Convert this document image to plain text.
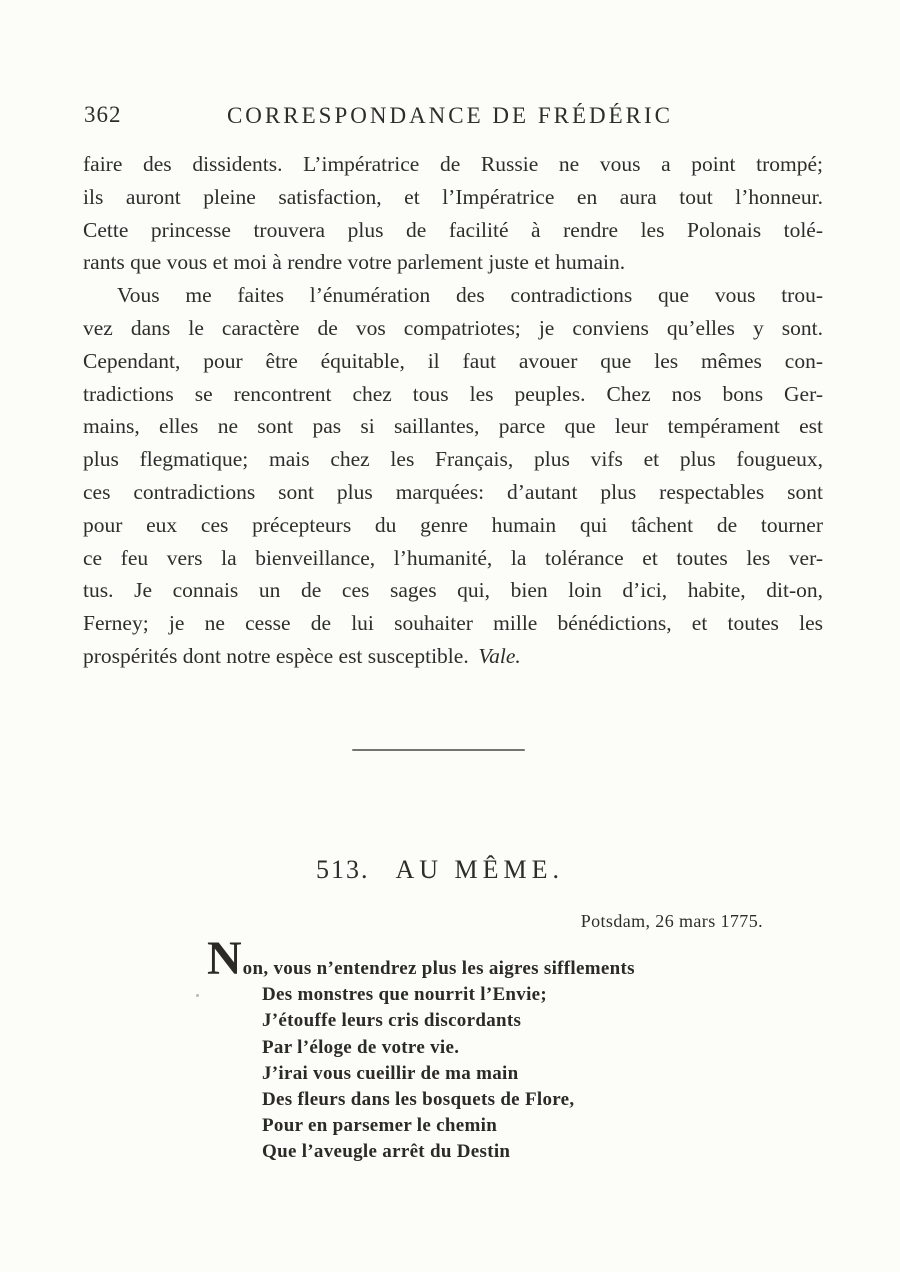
362	CORRESPONDANCE DE FRÉDÉRIC
faire des dissidents. L’impératrice de Russie ne vous a point trompé;
ils auront pleine satisfaction, et l’Impératrice en aura tout l’honneur.
Cette princesse trouvera plus de facilité à rendre les Polonais tolé-
rants que vous et moi à rendre votre parlement juste et humain.
Vous me faites l’énumération des contradictions que vous trou-
vez dans le caractère de vos compatriotes; je conviens qu’elles y sont.
Cependant, pour être équitable, il faut avouer que les mêmes con-
tradictions se rencontrent chez tous les peuples. Chez nos bons Ger-
mains, elles ne sont pas si saillantes, parce que leur tempérament est
plus flegmatique; mais chez les Français, plus vifs et plus fougueux,
ces contradictions sont plus marquées: d’autant plus respectables sont
pour eux ces précepteurs du genre humain qui tâchent de tourner
ce feu vers la bienveillance, l’humanité, la tolérance et toutes les ver-
tus. Je connais un de ces sages qui, bien loin d’ici, habite, dit-on,
Ferney; je ne cesse de lui souhaiter mille bénédictions, et toutes les
prospérités dont notre espèce est susceptible. Vale.
513. AU MÊME.
Potsdam, 26 mars 1775.
Non, vous n’entendrez plus les aigres sifflements
Des monstres que nourrit l’Envie;
J’étouffe leurs cris discordants
Par l’éloge de votre vie.
J’irai vous cueillir de ma main
Des fleurs dans les bosquets de Flore,
Pour en parsemer le chemin
Que l’aveugle arrêt du Destin
